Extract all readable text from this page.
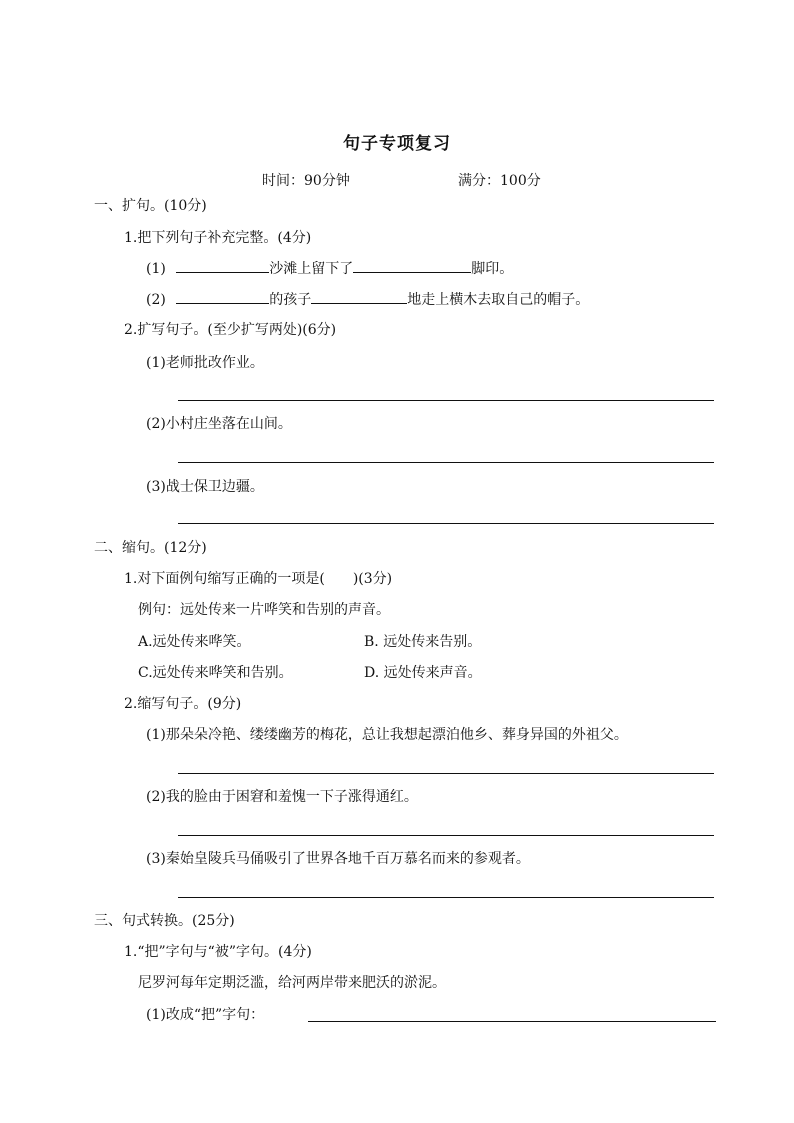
句子专项复习
时间：90分钟	满分：100分
一、扩句。(10分)
1.把下列句子补充完整。(4分)
(1)	沙滩上留下了	脚印。
(2)	的孩子	地走上横木去取自己的帽子。
2.扩写句子。(至少扩写两处)(6分)
(1)老师批改作业。
(2)小村庄坐落在山间。
(3)战士保卫边疆。
二、缩句。(12分)
1.对下面例句缩写正确的一项是(　　)(3分)
例句：远处传来一片哗笑和告别的声音。
A.远处传来哗笑。	B. 远处传来告别。
C.远处传来哗笑和告别。	D. 远处传来声音。
2.缩写句子。(9分)
(1)那朵朵冷艳、缕缕幽芳的梅花，总让我想起漂泊他乡、葬身异国的外祖父。
(2)我的脸由于困窘和羞愧一下子涨得通红。
(3)秦始皇陵兵马俑吸引了世界各地千百万慕名而来的参观者。
三、句式转换。(25分)
1.“把”字句与“被”字句。(4分)
尼罗河每年定期泛滥，给河两岸带来肥沃的淤泥。
(1)改成“把”字句：
